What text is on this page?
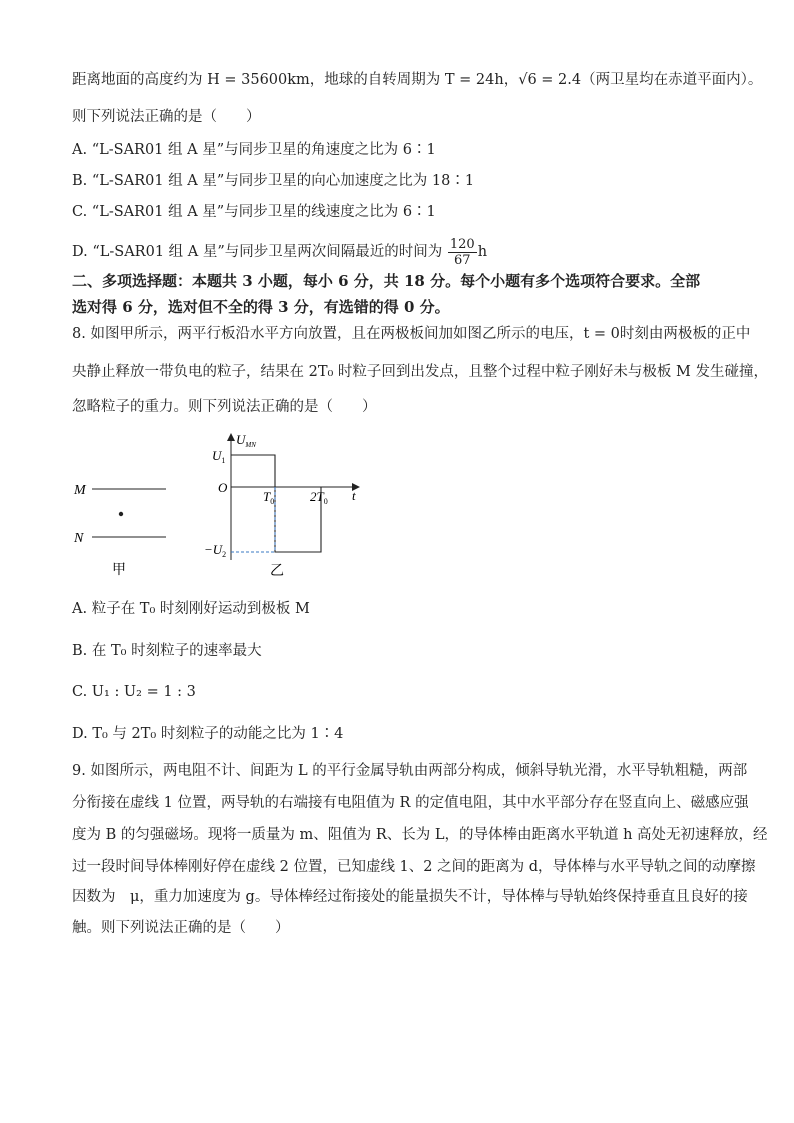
距离地面的高度约为 H = 35600km，地球的自转周期为 T = 24h，√6 = 2.4（两卫星均在赤道平面内）。
则下列说法正确的是（　　）
A. “L-SAR01 组 A 星”与同步卫星的角速度之比为 6∶1
B. “L-SAR01 组 A 星”与同步卫星的向心加速度之比为 18∶1
C. “L-SAR01 组 A 星”与同步卫星的线速度之比为 6∶1
D. “L-SAR01 组 A 星”与同步卫星两次间隔最近的时间为 $\frac{120}{67}$ h
二、多项选择题：本题共 3 小题，每小 6 分，共 18 分。每个小题有多个选项符合要求。全部
选对得 6 分，选对但不全的得 3 分，有选错的得 0 分。
8. 如图甲所示，两平行板沿水平方向放置，且在两极板间加如图乙所示的电压，t = 0时刻由两极板的正中
央静止释放一带负电的粒子，结果在 2T₀ 时粒子回到出发点，且整个过程中粒子刚好未与极板 M 发生碰撞，
忽略粒子的重力。则下列说法正确的是（　　）
M
N
甲
$U_{MN}$
$U_1$
O
$T_0$	$2T_0$ t
$-U_2$
乙
A. 粒子在 T₀ 时刻刚好运动到极板 M
B. 在 T₀ 时刻粒子的速率最大
C. U₁ : U₂ = 1 : 3
D. T₀ 与 2T₀ 时刻粒子的动能之比为 1∶4
9. 如图所示，两电阻不计、间距为 L 的平行金属导轨由两部分构成，倾斜导轨光滑，水平导轨粗糙，两部
分衔接在虚线 1 位置，两导轨的右端接有电阻值为 R 的定值电阻，其中水平部分存在竖直向上、磁感应强
度为 B 的匀强磁场。现将一质量为 m、阻值为 R、长为 L，的导体棒由距离水平轨道 h 高处无初速释放，经
过一段时间导体棒刚好停在虚线 2 位置，已知虚线 1、2 之间的距离为 d，导体棒与水平导轨之间的动摩擦
因数为　μ，重力加速度为 g。导体棒经过衔接处的能量损失不计，导体棒与导轨始终保持垂直且良好的接
触。则下列说法正确的是（　　）
